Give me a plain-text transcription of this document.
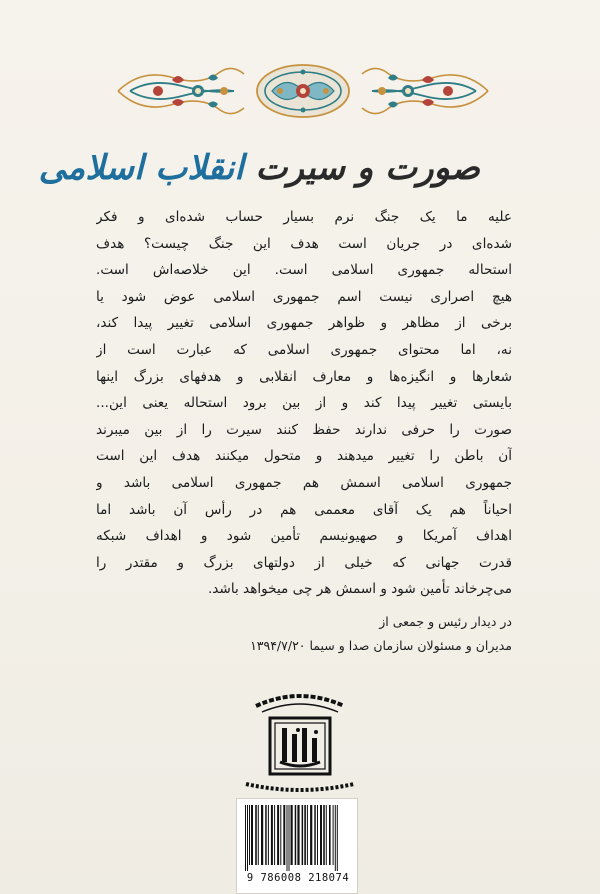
صورت و سیرت انقلاب اسلامی
علیه ما یک جنگ نرم بسیار حساب شده‌ای و فکر
شده‌ای در جریان است هدف این جنگ چیست؟ هدف
استحاله جمهوری اسلامی است. این خلاصه‌اش است.
هیچ اصراری نیست اسم جمهوری اسلامی عوض شود یا
برخی از مظاهر و ظواهر جمهوری اسلامی تغییر پیدا کند،
نه، اما محتوای جمهوری اسلامی که عبارت است از
شعارها و انگیزه‌ها و معارف انقلابی و هدفهای بزرگ اینها
بایستی تغییر پیدا کند و از بین برود استحاله یعنی این...
صورت را حرفی ندارند حفظ کنند سیرت را از بین میبرند
آن باطن را تغییر میدهند و متحول میکنند هدف این است
جمهوری اسلامی اسمش هم جمهوری اسلامی باشد و
احیاناً هم یک آقای معممی هم در رأس آن باشد اما
اهداف آمریکا و صهیونیسم تأمین شود و اهداف شبکه
قدرت جهانی که خیلی از دولتهای بزرگ و مقتدر را
می‌چرخاند تأمین شود و اسمش هر چی میخواهد باشد.
در دیدار رئیس و جمعی از
مدیران و مسئولان سازمان صدا و سیما ۱۳۹۴/۷/۲۰
9 786008 218074
